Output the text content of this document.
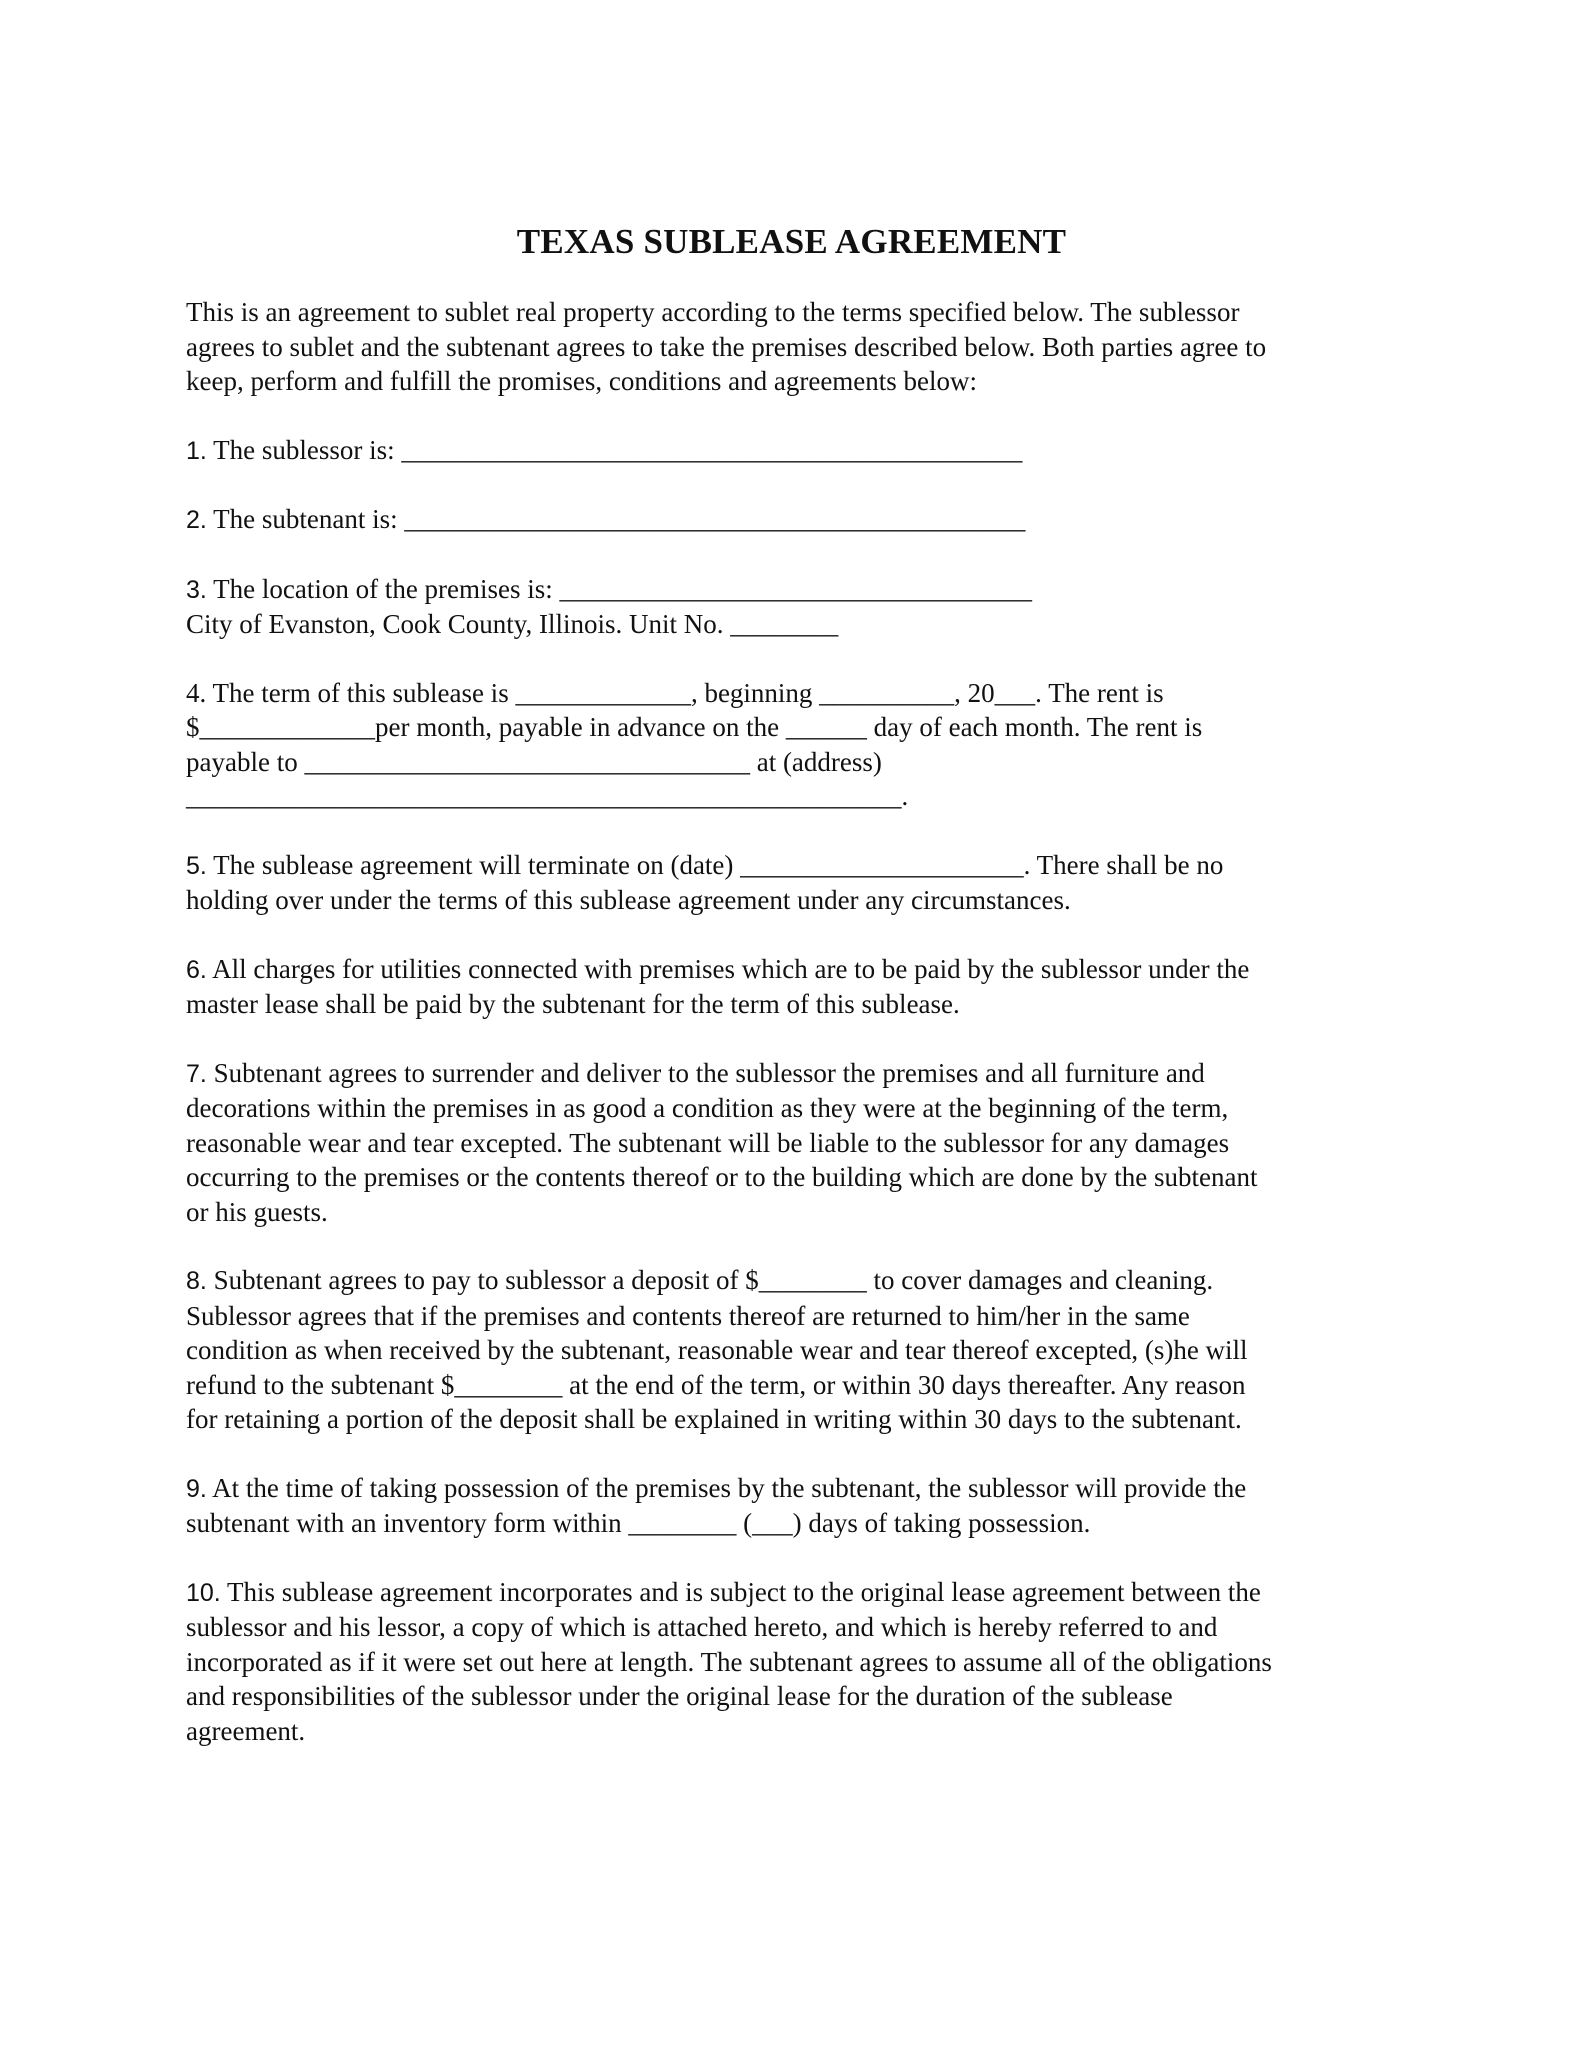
TEXAS SUBLEASE AGREEMENT
This is an agreement to sublet real property according to the terms specified below. The sublessor
agrees to sublet and the subtenant agrees to take the premises described below. Both parties agree to
keep, perform and fulfill the promises, conditions and agreements below:
1. The sublessor is: ______________________________________________
2. The subtenant is: ______________________________________________
3. The location of the premises is: ___________________________________
City of Evanston, Cook County, Illinois. Unit No. ________
4. The term of this sublease is _____________, beginning __________, 20___. The rent is
$_____________per month, payable in advance on the ______ day of each month. The rent is
payable to _________________________________ at (address)
_____________________________________________________.
5. The sublease agreement will terminate on (date) _____________________. There shall be no
holding over under the terms of this sublease agreement under any circumstances.
6. All charges for utilities connected with premises which are to be paid by the sublessor under the
master lease shall be paid by the subtenant for the term of this sublease.
7. Subtenant agrees to surrender and deliver to the sublessor the premises and all furniture and
decorations within the premises in as good a condition as they were at the beginning of the term,
reasonable wear and tear excepted. The subtenant will be liable to the sublessor for any damages
occurring to the premises or the contents thereof or to the building which are done by the subtenant
or his guests.
8. Subtenant agrees to pay to sublessor a deposit of $________ to cover damages and cleaning.
Sublessor agrees that if the premises and contents thereof are returned to him/her in the same
condition as when received by the subtenant, reasonable wear and tear thereof excepted, (s)he will
refund to the subtenant $________ at the end of the term, or within 30 days thereafter. Any reason
for retaining a portion of the deposit shall be explained in writing within 30 days to the subtenant.
9. At the time of taking possession of the premises by the subtenant, the sublessor will provide the
subtenant with an inventory form within ________ (___) days of taking possession.
10. This sublease agreement incorporates and is subject to the original lease agreement between the
sublessor and his lessor, a copy of which is attached hereto, and which is hereby referred to and
incorporated as if it were set out here at length. The subtenant agrees to assume all of the obligations
and responsibilities of the sublessor under the original lease for the duration of the sublease
agreement.
